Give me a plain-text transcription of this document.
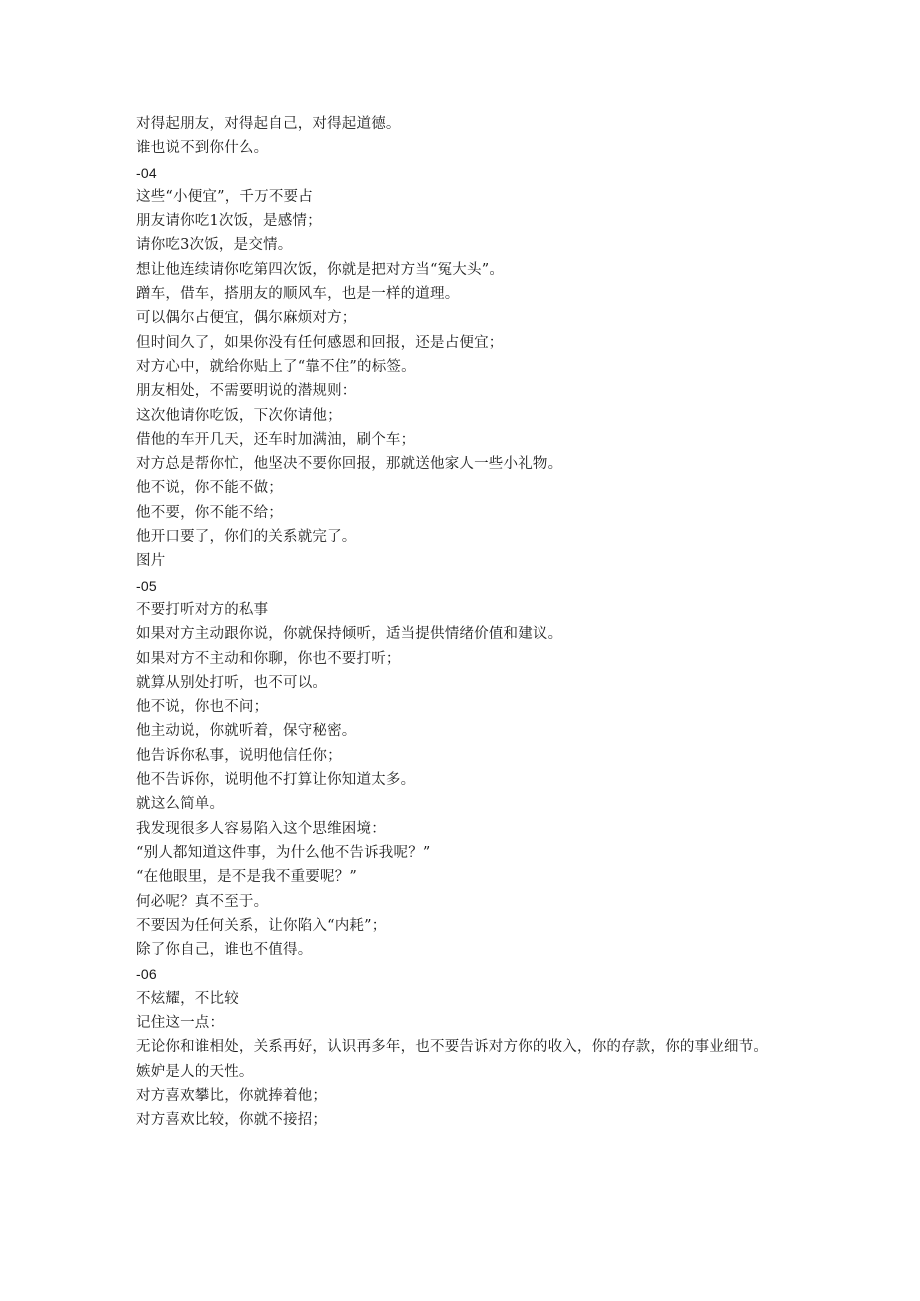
对得起朋友，对得起自己，对得起道德。
谁也说不到你什么。
-04
这些“小便宜”，千万不要占
朋友请你吃1次饭，是感情；
请你吃3次饭，是交情。
想让他连续请你吃第四次饭，你就是把对方当“冤大头”。
蹭车，借车，搭朋友的顺风车，也是一样的道理。
可以偶尔占便宜，偶尔麻烦对方；
但时间久了，如果你没有任何感恩和回报，还是占便宜；
对方心中，就给你贴上了“靠不住”的标签。
朋友相处，不需要明说的潜规则：
这次他请你吃饭，下次你请他；
借他的车开几天，还车时加满油，刷个车；
对方总是帮你忙，他坚决不要你回报，那就送他家人一些小礼物。
他不说，你不能不做；
他不要，你不能不给；
他开口要了，你们的关系就完了。
图片
-05
不要打听对方的私事
如果对方主动跟你说，你就保持倾听，适当提供情绪价值和建议。
如果对方不主动和你聊，你也不要打听；
就算从别处打听，也不可以。
他不说，你也不问；
他主动说，你就听着，保守秘密。
他告诉你私事，说明他信任你；
他不告诉你，说明他不打算让你知道太多。
就这么简单。
我发现很多人容易陷入这个思维困境：
“别人都知道这件事，为什么他不告诉我呢？”
“在他眼里，是不是我不重要呢？”
何必呢？真不至于。
不要因为任何关系，让你陷入“内耗”；
除了你自己，谁也不值得。
-06
不炫耀，不比较
记住这一点：
无论你和谁相处，关系再好，认识再多年，也不要告诉对方你的收入，你的存款，你的事业细节。
嫉妒是人的天性。
对方喜欢攀比，你就捧着他；
对方喜欢比较，你就不接招；
